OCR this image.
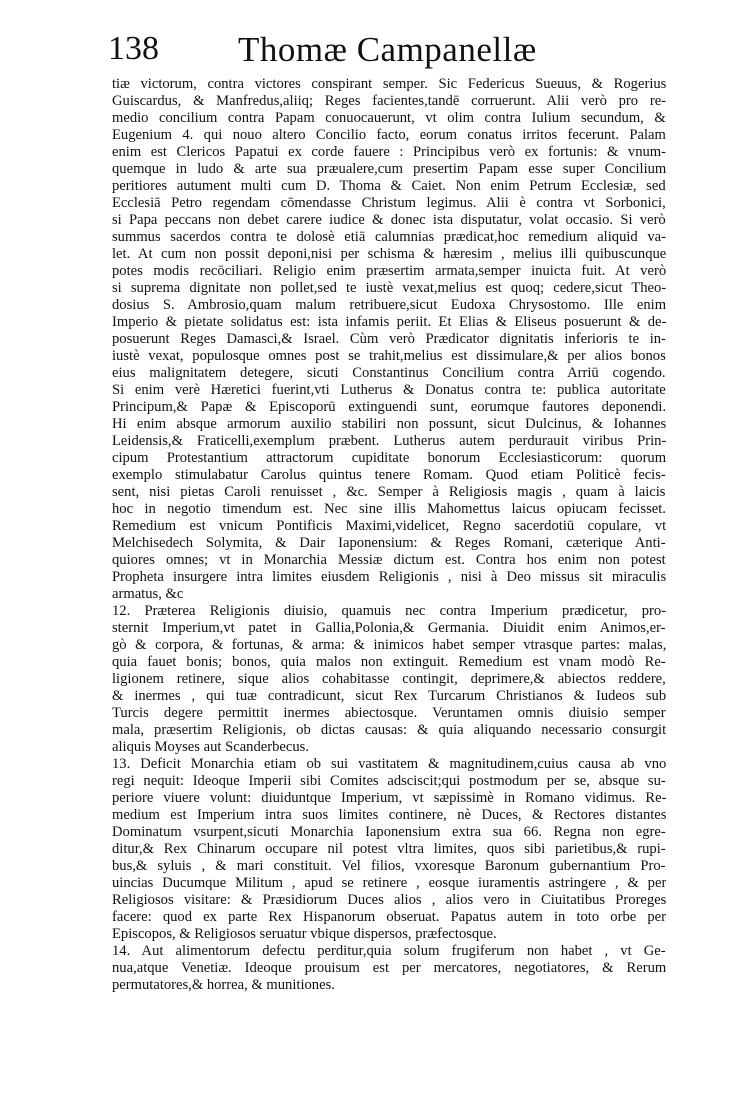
138 Thomæ Campanellæ
tiæ victorum, contra victores conspirant semper. Sic Federicus Sueuus, & Rogerius
Guiscardus, & Manfredus,aliiq; Reges facientes,tandē corruerunt. Alii verò pro re-
medio concilium contra Papam conuocauerunt, vt olim contra Iulium secundum, &
Eugenium 4. qui nouo altero Concilio facto, eorum conatus irritos fecerunt. Palam
enim est Clericos Papatui ex corde fauere : Principibus verò ex fortunis: & vnum-
quemque in ludo & arte sua præualere,cum presertim Papam esse super Concilium
peritiores autument multi cum D. Thoma & Caiet. Non enim Petrum Ecclesiæ, sed
Ecclesiā Petro regendam cōmendasse Christum legimus. Alii è contra vt Sorbonici,
si Papa peccans non debet carere iudice & donec ista disputatur, volat occasio. Si verò
summus sacerdos contra te dolosè etiā calumnias prædicat,hoc remedium aliquid va-
let. At cum non possit deponi,nisi per schisma & hæresim , melius illi quibuscunque
potes modis recōciliari. Religio enim præsertim armata,semper inuicta fuit. At verò
si suprema dignitate non pollet,sed te iustè vexat,melius est quoq; cedere,sicut Theo-
dosius S. Ambrosio,quam malum retribuere,sicut Eudoxa Chrysostomo. Ille enim
Imperio & pietate solidatus est: ista infamis periit. Et Elias & Eliseus posuerunt & de-
posuerunt Reges Damasci,& Israel. Cùm verò Prædicator dignitatis inferioris te in-
iustè vexat, populosque omnes post se trahit,melius est dissimulare,& per alios bonos
eius malignitatem detegere, sicuti Constantinus Concilium contra Arriū cogendo.
Si enim verè Hæretici fuerint,vti Lutherus & Donatus contra te: publica autoritate
Principum,& Papæ & Episcoporū extinguendi sunt, eorumque fautores deponendi.
Hi enim absque armorum auxilio stabiliri non possunt, sicut Dulcinus, & Iohannes
Leidensis,& Fraticelli,exemplum præbent. Lutherus autem perdurauit viribus Prin-
cipum Protestantium attractorum cupiditate bonorum Ecclesiasticorum: quorum
exemplo stimulabatur Carolus quintus tenere Romam. Quod etiam Politicè fecis-
sent, nisi pietas Caroli renuisset , &c. Semper à Religiosis magis , quam à laicis
hoc in negotio timendum est. Nec sine illis Mahomettus laicus opiucam fecisset.
Remedium est vnicum Pontificis Maximi,videlicet, Regno sacerdotiū copulare, vt
Melchisedech Solymita, & Dair Iaponensium: & Reges Romani, cæterique Anti-
quiores omnes; vt in Monarchia Messiæ dictum est. Contra hos enim non potest
Propheta insurgere intra limites eiusdem Religionis , nisi à Deo missus sit miraculis
armatus, &c
12. Præterea Religionis diuisio, quamuis nec contra Imperium prædicetur, pro-
sternit Imperium,vt patet in Gallia,Polonia,& Germania. Diuidit enim Animos,er-
gò & corpora, & fortunas, & arma: & inimicos habet semper vtrasque partes: malas,
quia fauet bonis; bonos, quia malos non extinguit. Remedium est vnam modò Re-
ligionem retinere, sique alios cohabitasse contingit, deprimere,& abiectos reddere,
& inermes , qui tuæ contradicunt, sicut Rex Turcarum Christianos & Iudeos sub
Turcis degere permittit inermes abiectosque. Veruntamen omnis diuisio semper
mala, præsertim Religionis, ob dictas causas: & quia aliquando necessario consurgit
aliquis Moyses aut Scanderbecus.
13. Deficit Monarchia etiam ob sui vastitatem & magnitudinem,cuius causa ab vno
regi nequit: Ideoque Imperii sibi Comites adsciscit;qui postmodum per se, absque su-
periore viuere volunt: diuiduntque Imperium, vt sæpissimè in Romano vidimus. Re-
medium est Imperium intra suos limites continere, nè Duces, & Rectores distantes
Dominatum vsurpent,sicuti Monarchia Iaponensium extra sua 66. Regna non egre-
ditur,& Rex Chinarum occupare nil potest vltra limites, quos sibi parietibus,& rupi-
bus,& syluis , & mari constituit. Vel filios, vxoresque Baronum gubernantium Pro-
uincias Ducumque Militum , apud se retinere , eosque iuramentis astringere , & per
Religiosos visitare: & Præsidiorum Duces alios , alios vero in Ciuitatibus Proreges
facere: quod ex parte Rex Hispanorum obseruat. Papatus autem in toto orbe per
Episcopos, & Religiosos seruatur vbique dispersos, præfectosque.
14. Aut alimentorum defectu perditur,quia solum frugiferum non habet , vt Ge-
nua,atque Venetiæ. Ideoque prouisum est per mercatores, negotiatores, & Rerum
permutatores,& horrea, & munitiones.
